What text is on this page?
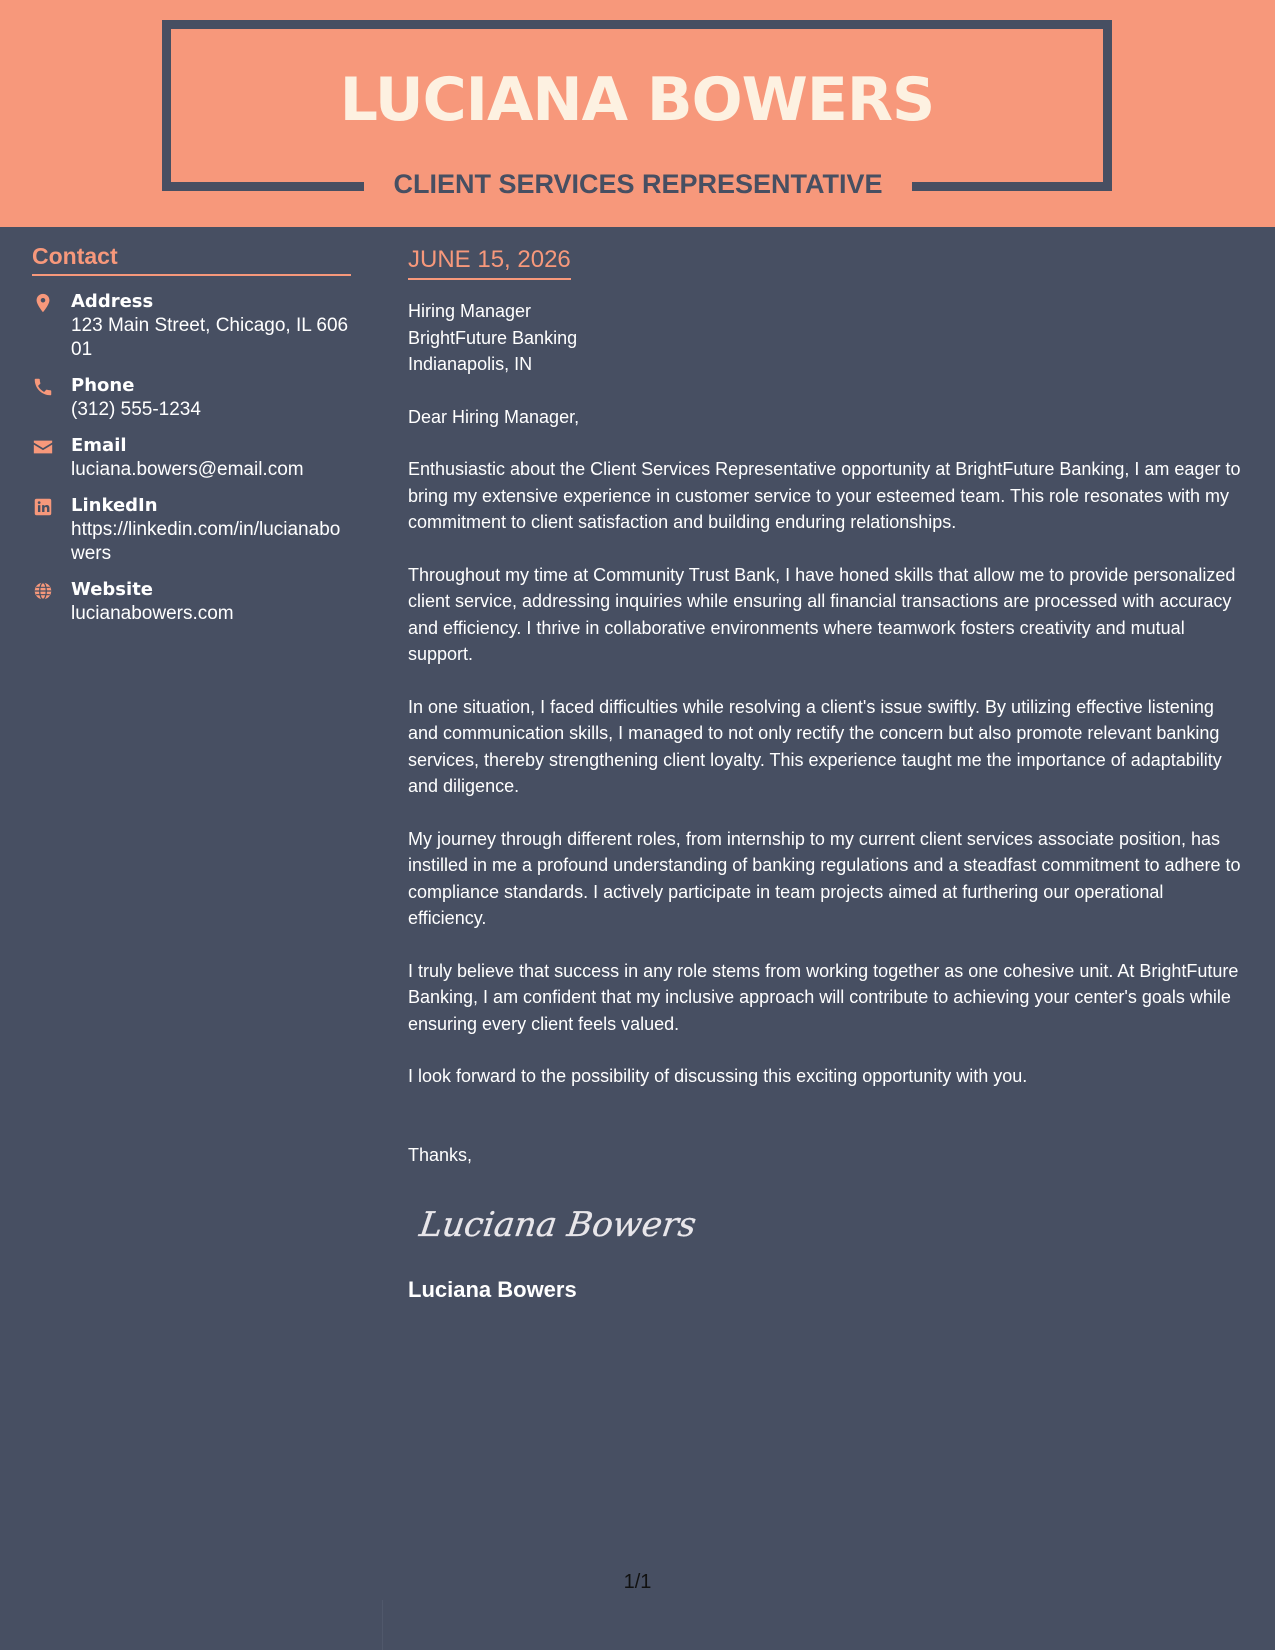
LUCIANA BOWERS
CLIENT SERVICES REPRESENTATIVE
Contact
Address
123 Main Street, Chicago, IL 60601
Phone
(312) 555-1234
Email
luciana.bowers@email.com
LinkedIn
https://linkedin.com/in/lucianabowers
Website
lucianabowers.com
JUNE 15, 2026
Hiring Manager
BrightFuture Banking
Indianapolis, IN

Dear Hiring Manager,

Enthusiastic about the Client Services Representative opportunity at BrightFuture Banking, I am eager to bring my extensive experience in customer service to your esteemed team. This role resonates with my commitment to client satisfaction and building enduring relationships.

Throughout my time at Community Trust Bank, I have honed skills that allow me to provide personalized client service, addressing inquiries while ensuring all financial transactions are processed with accuracy and efficiency. I thrive in collaborative environments where teamwork fosters creativity and mutual support.

In one situation, I faced difficulties while resolving a client's issue swiftly. By utilizing effective listening and communication skills, I managed to not only rectify the concern but also promote relevant banking services, thereby strengthening client loyalty. This experience taught me the importance of adaptability and diligence.

My journey through different roles, from internship to my current client services associate position, has instilled in me a profound understanding of banking regulations and a steadfast commitment to adhere to compliance standards. I actively participate in team projects aimed at furthering our operational efficiency.

I truly believe that success in any role stems from working together as one cohesive unit. At BrightFuture Banking, I am confident that my inclusive approach will contribute to achieving your center's goals while ensuring every client feels valued.

I look forward to the possibility of discussing this exciting opportunity with you.

Thanks,

Luciana Bowers

Luciana Bowers

1/1
